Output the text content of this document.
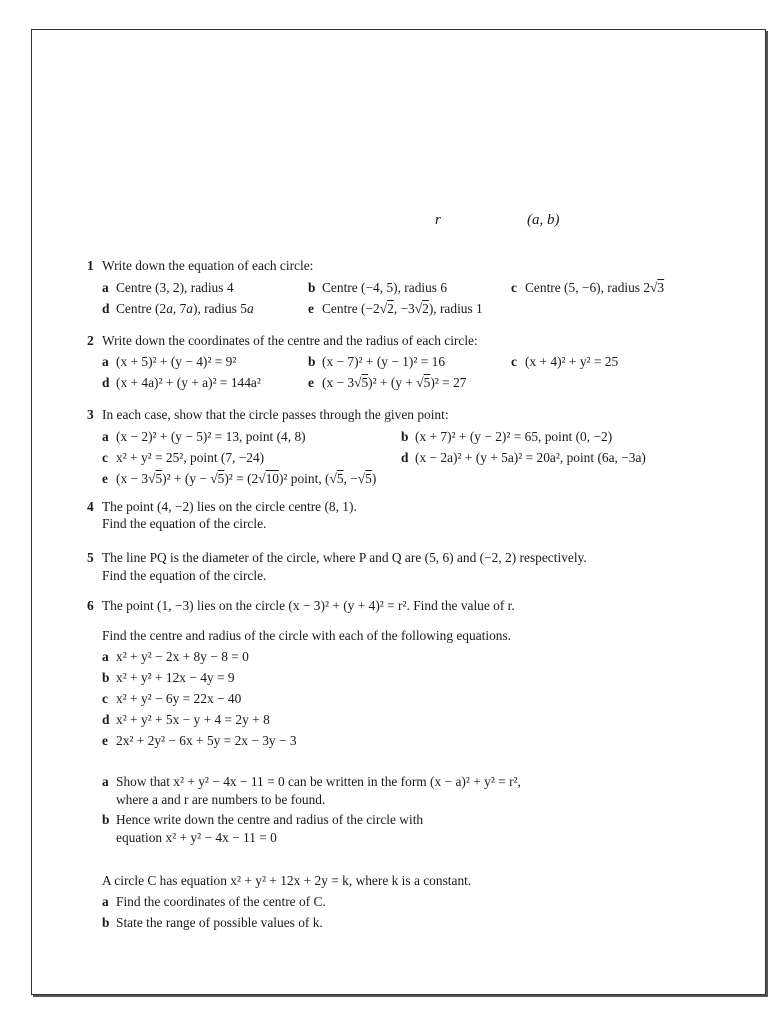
r	(a, b)
1 Write down the equation of each circle:
a Centre (3, 2), radius 4	b Centre (−4, 5), radius 6	c Centre (5, −6), radius 2√3
d Centre (2a, 7a), radius 5a	e Centre (−2√2, −3√2), radius 1
2 Write down the coordinates of the centre and the radius of each circle:
a (x + 5)² + (y − 4)² = 9²	b (x − 7)² + (y − 1)² = 16	c (x + 4)² + y² = 25
d (x + 4a)² + (y + a)² = 144a²	e (x − 3√5)² + (y + √5)² = 27
3 In each case, show that the circle passes through the given point:
a (x − 2)² + (y − 5)² = 13, point (4, 8)	b (x + 7)² + (y − 2)² = 65, point (0, −2)
c x² + y² = 25², point (7, −24)	d (x − 2a)² + (y + 5a)² = 20a², point (6a, −3a)
e (x − 3√5)² + (y − √5)² = (2√10)² point, (√5, −√5)
4 The point (4, −2) lies on the circle centre (8, 1).
Find the equation of the circle.
5 The line PQ is the diameter of the circle, where P and Q are (5, 6) and (−2, 2) respectively.
Find the equation of the circle.
6 The point (1, −3) lies on the circle (x − 3)² + (y + 4)² = r². Find the value of r.
Find the centre and radius of the circle with each of the following equations.
a x² + y² − 2x + 8y − 8 = 0
b x² + y² + 12x − 4y = 9
c x² + y² − 6y = 22x − 40
d x² + y² + 5x − y + 4 = 2y + 8
e 2x² + 2y² − 6x + 5y = 2x − 3y − 3
a Show that x² + y² − 4x − 11 = 0 can be written in the form (x − a)² + y² = r²,
where a and r are numbers to be found.
b Hence write down the centre and radius of the circle with
equation x² + y² − 4x − 11 = 0
A circle C has equation x² + y² + 12x + 2y = k, where k is a constant.
a Find the coordinates of the centre of C.
b State the range of possible values of k.
